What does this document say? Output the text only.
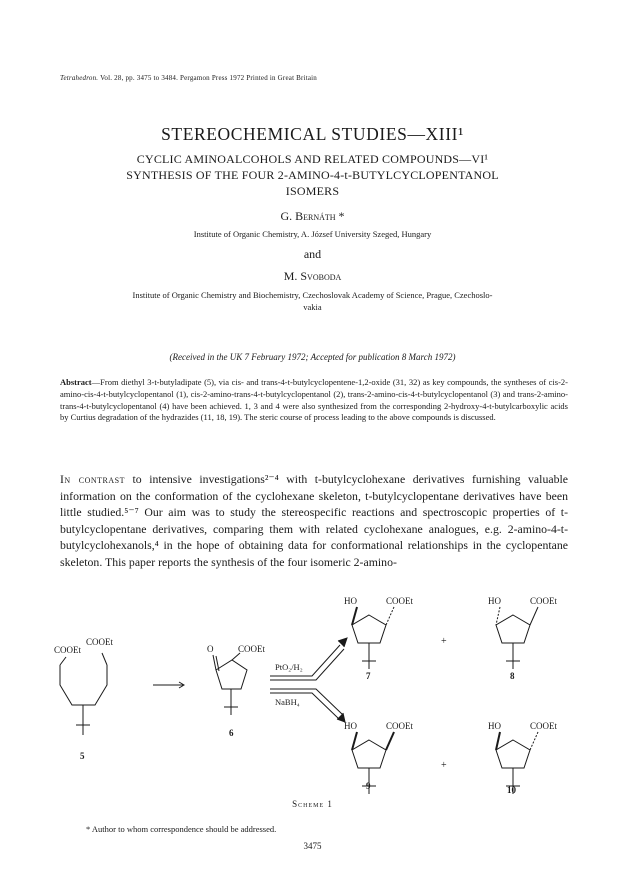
Tetrahedron. Vol. 28, pp. 3475 to 3484. Pergamon Press 1972 Printed in Great Britain
STEREOCHEMICAL STUDIES—XIII¹
CYCLIC AMINOALCOHOLS AND RELATED COMPOUNDS—VI¹
SYNTHESIS OF THE FOUR 2-AMINO-4-t-BUTYLCYCLOPENTANOL
ISOMERS
G. Bernáth *
Institute of Organic Chemistry, A. József University Szeged, Hungary
and
M. Svoboda
Institute of Organic Chemistry and Biochemistry, Czechoslovak Academy of Science, Prague, Czechoslo-
vakia
(Received in the UK 7 February 1972; Accepted for publication 8 March 1972)
Abstract—From diethyl 3-t-butyladipate (5), via cis- and trans-4-t-butylcyclopentene-1,2-oxide (31, 32) as key compounds, the syntheses of cis-2-amino-cis-4-t-butylcyclopentanol (1), cis-2-amino-trans-4-t-butylcyclopentanol (2), trans-2-amino-cis-4-t-butylcyclopentanol (3) and trans-2-amino-trans-4-t-butylcyclopentanol (4) have been achieved. 1, 3 and 4 were also synthesized from the corresponding 2-hydroxy-4-t-butylcarboxylic acids by Curtius degradation of the hydrazides (11, 18, 19). The steric course of process leading to the above compounds is discussed.

In contrast to intensive investigations²⁻⁴ with t-butylcyclohexane derivatives furnishing valuable information on the conformation of the cyclohexane skeleton, t-butylcyclopentane derivatives have been little studied.⁵⁻⁷ Our aim was to study the stereospecific reactions and spectroscopic properties of t-butylcyclopentane derivatives, comparing them with related cyclohexane analogues, e.g. 2-amino-4-t-butylcyclohexanols,⁴ in the hope of obtaining data for conformational relationships in the cyclopentane skeleton. This paper reports the synthesis of the four isomeric 2-amino-

COOEt
COOEt
5
O	COOEt
6
PtO₂/H₂
NaBH₄
HO	COOEt
7
+
HO	COOEt
8
HO	COOEt
9
+
HO	COOEt
10
Scheme 1
* Author to whom correspondence should be addressed.
3475
